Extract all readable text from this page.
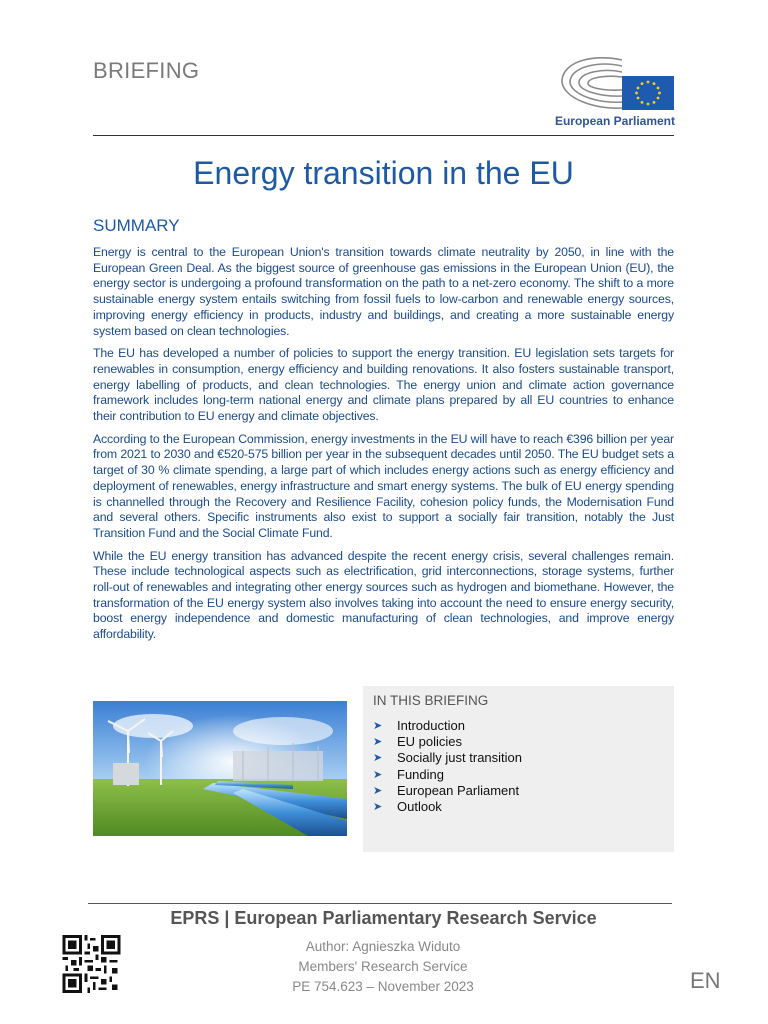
BRIEFING
European Parliament
Energy transition in the EU
SUMMARY

Energy is central to the European Union's transition towards climate neutrality by 2050, in line with the European Green Deal. As the biggest source of greenhouse gas emissions in the European Union (EU), the energy sector is undergoing a profound transformation on the path to a net-zero economy. The shift to a more sustainable energy system entails switching from fossil fuels to low-carbon and renewable energy sources, improving energy efficiency in products, industry and buildings, and creating a more sustainable energy system based on clean technologies.

The EU has developed a number of policies to support the energy transition. EU legislation sets targets for renewables in consumption, energy efficiency and building renovations. It also fosters sustainable transport, energy labelling of products, and clean technologies. The energy union and climate action governance framework includes long-term national energy and climate plans prepared by all EU countries to enhance their contribution to EU energy and climate objectives.

According to the European Commission, energy investments in the EU will have to reach €396 billion per year from 2021 to 2030 and €520-575 billion per year in the subsequent decades until 2050. The EU budget sets a target of 30 % climate spending, a large part of which includes energy actions such as energy efficiency and deployment of renewables, energy infrastructure and smart energy systems. The bulk of EU energy spending is channelled through the Recovery and Resilience Facility, cohesion policy funds, the Modernisation Fund and several others. Specific instruments also exist to support a socially fair transition, notably the Just Transition Fund and the Social Climate Fund.

While the EU energy transition has advanced despite the recent energy crisis, several challenges remain. These include technological aspects such as electrification, grid interconnections, storage systems, further roll-out of renewables and integrating other energy sources such as hydrogen and biomethane. However, the transformation of the EU energy system also involves taking into account the need to ensure energy security, boost energy independence and domestic manufacturing of clean technologies, and improve energy affordability.

IN THIS BRIEFING
➤	Introduction
➤	EU policies
➤	Socially just transition
➤	Funding
➤	European Parliament
➤	Outlook
EPRS | European Parliamentary Research Service
Author: Agnieszka Widuto
Members' Research Service
PE 754.623 – November 2023	EN
